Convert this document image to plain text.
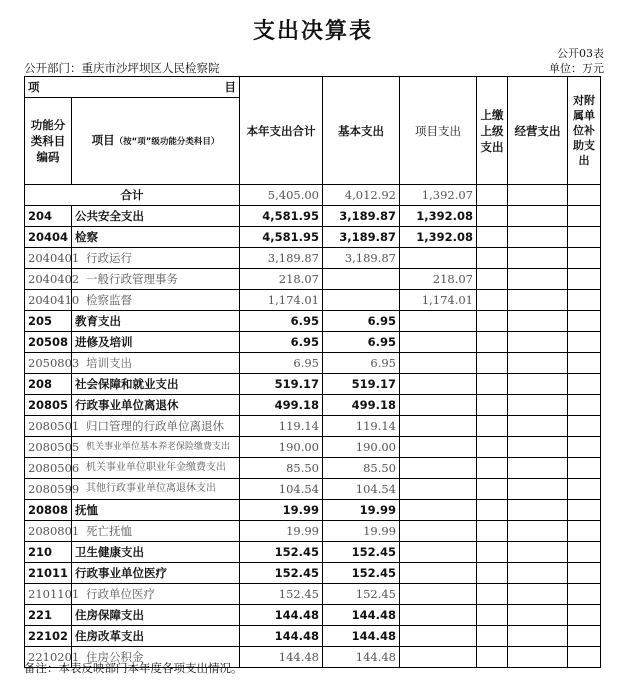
支出决算表
公开03表
公开部门：重庆市沙坪坝区人民检察院	单位：万元
项 目		本年支出合计	基本支出	项目支出	上缴上级支出	经营支出	对附属单位补助支出
功能分类科目编码	项目（按“项”级功能分类科目）						
合计		5,405.00	4,012.92	1,392.07			
204	公共安全支出	4,581.95	3,189.87	1,392.08			
20404	检察	4,581.95	3,189.87	1,392.08			
2040401	行政运行	3,189.87	3,189.87				
2040402	一般行政管理事务	218.07		218.07			
2040410	检察监督	1,174.01		1,174.01			
205	教育支出	6.95	6.95				
20508	进修及培训	6.95	6.95				
2050803	培训支出	6.95	6.95				
208	社会保障和就业支出	519.17	519.17				
20805	行政事业单位离退休	499.18	499.18				
2080501	归口管理的行政单位离退休	119.14	119.14				
2080505	机关事业单位基本养老保险缴费支出	190.00	190.00				
2080506	机关事业单位职业年金缴费支出	85.50	85.50				
2080599	其他行政事业单位离退休支出	104.54	104.54				
20808	抚恤	19.99	19.99				
2080801	死亡抚恤	19.99	19.99				
210	卫生健康支出	152.45	152.45				
21011	行政事业单位医疗	152.45	152.45				
2101101	行政单位医疗	152.45	152.45				
221	住房保障支出	144.48	144.48				
22102	住房改革支出	144.48	144.48				
2210201	住房公积金	144.48	144.48				
备注：本表反映部门本年度各项支出情况。
